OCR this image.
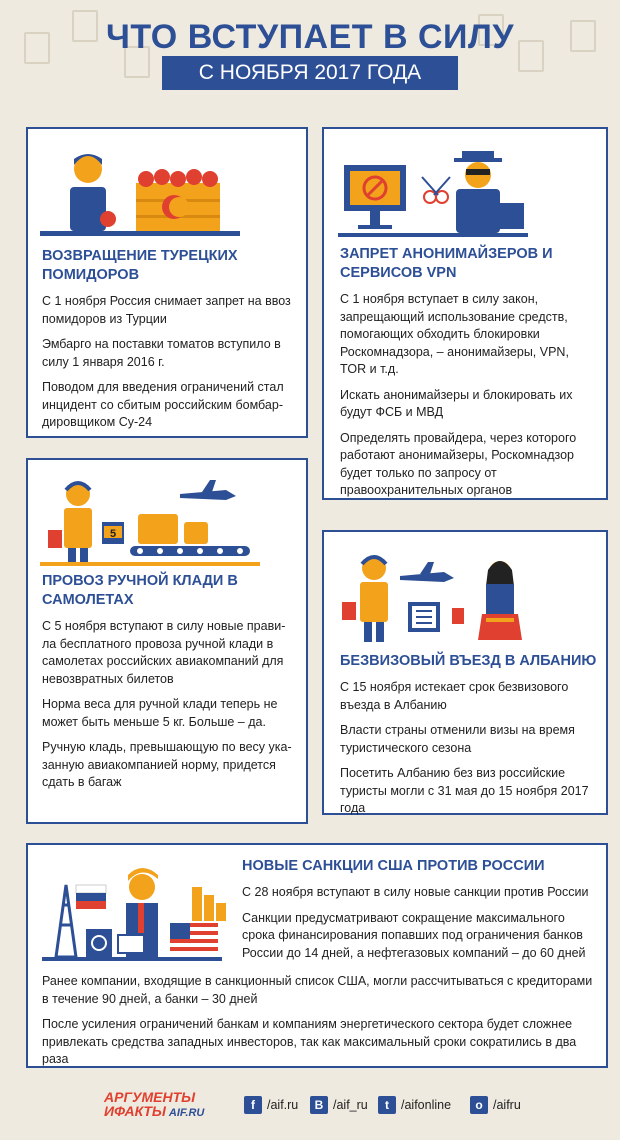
ЧТО ВСТУПАЕТ В СИЛУ
С НОЯБРЯ 2017 ГОДА
ВОЗВРАЩЕНИЕ ТУРЕЦКИХ ПОМИДОРОВ

С 1 ноября Россия снимает запрет на ввоз помидоров из Турции

Эмбарго на поставки томатов вступило в силу 1 января 2016 г.

Поводом для введения ограничений стал инцидент со сбитым российским бомбар-дировщиком Су-24

ЗАПРЕТ АНОНИМАЙЗЕРОВ И СЕРВИСОВ VPN

С 1 ноября вступает в силу закон, запрещающий использование средств, помогающих обходить блокировки Роскомнадзора, – анонимайзеры, VPN, TOR и т.д.

Искать анонимайзеры и блокировать их будут ФСБ и МВД

Определять провайдера, через которого работают анонимайзеры, Роскомнадзор будет только по запросу от правоохранительных органов

5
ПРОВОЗ РУЧНОЙ КЛАДИ В САМОЛЕТАХ

С 5 ноября вступают в силу новые прави-ла бесплатного провоза ручной клади в самолетах российских авиакомпаний для невозвратных билетов

Норма веса для ручной клади теперь не может быть меньше 5 кг. Больше – да.

Ручную кладь, превышающую по весу ука-занную авиакомпанией норму, придется сдать в багаж

БЕЗВИЗОВЫЙ ВЪЕЗД В АЛБАНИЮ

С 15 ноября истекает срок безвизового въезда в Албанию

Власти страны отменили визы на время туристического сезона

Посетить Албанию без виз российские туристы могли с 31 мая до 15 ноября 2017 года

НОВЫЕ САНКЦИИ США ПРОТИВ РОССИИ

С 28 ноября вступают в силу новые санкции против России

Санкции предусматривают сокращение максимального срока финансирования попавших под ограничения банков России до 14 дней, а нефтегазовых компаний – до 60 дней

Ранее компании, входящие в санкционный список США, могли рассчитываться с кредиторами в течение 90 дней, а банки – 30 дней

После усиления ограничений банкам и компаниям энергетического сектора будет сложнее привлекать средства западных инвесторов, так как максимальный сроки сократились в два раза

АРГУМЕНТЫ
ИФАКТЫ AIF.RU
f /aif.ru	В /aif_ru	t /aifonline	о /aifru
